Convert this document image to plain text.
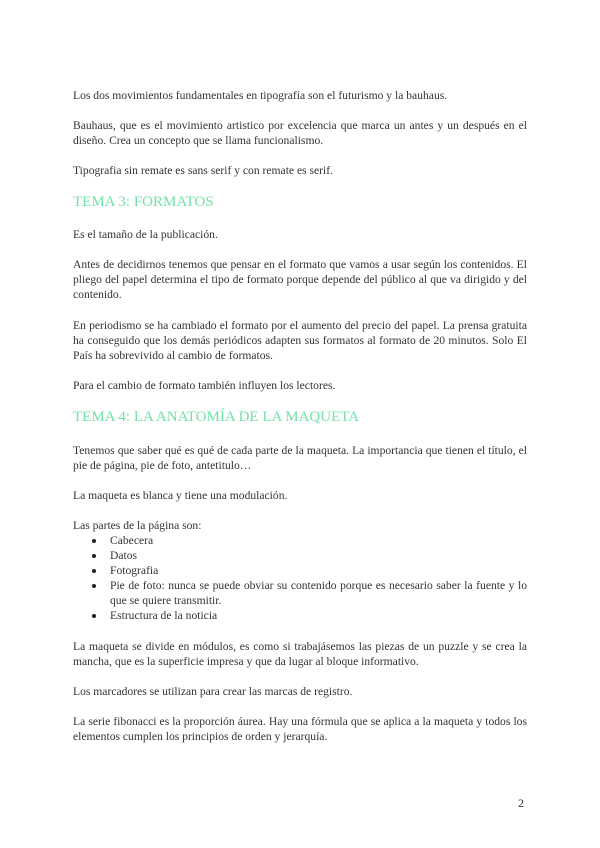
Los dos movimientos fundamentales en tipografía son el futurismo y la bauhaus.

Bauhaus, que es el movimiento artistico por excelencia que marca un antes y un después en el diseño. Crea un concepto que se llama funcionalismo.

Tipografia sin remate es sans serif y con remate es serif.

TEMA 3: FORMATOS

Es el tamaño de la publicación.

Antes de decidirnos tenemos que pensar en el formato que vamos a usar según los contenidos. El pliego del papel determina el tipo de formato porque depende del público al que va dirigido y del contenido.

En periodismo se ha cambiado el formato por el aumento del precio del papel. La prensa gratuita ha conseguido que los demás periódicos adapten sus formatos al formato de 20 minutos. Solo El País ha sobrevivido al cambio de formatos.

Para el cambio de formato también influyen los lectores.

TEMA 4: LA ANATOMÍA DE LA MAQUETA

Tenemos que saber qué es qué de cada parte de la maqueta. La importancia que tienen el título, el pie de página, pie de foto, antetitulo…

La maqueta es blanca y tiene una modulación.

Las partes de la página son:

Cabecera
Datos
Fotografia
Pie de foto: nunca se puede obviar su contenido porque es necesario saber la fuente y lo que se quiere transmitir.
Estructura de la noticia

La maqueta se divide en módulos, es como si trabajásemos las piezas de un puzzle y se crea la mancha, que es la superficie impresa y que da lugar al bloque informativo.

Los marcadores se utilizan para crear las marcas de registro.

La serie fibonacci es la proporción áurea. Hay una fórmula que se aplica a la maqueta y todos los elementos cumplen los principios de orden y jerarquía.

2
